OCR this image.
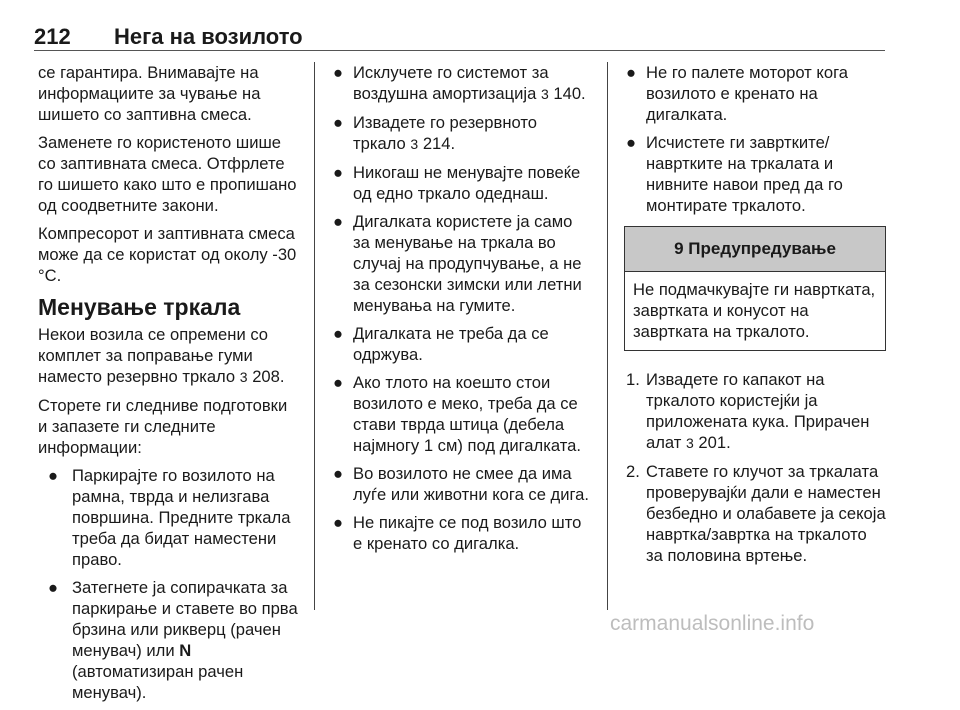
212 Нега на возилото

се гарантира. Внимавајте на информациите за чување на шишето со заптивна смеса.

Заменете го користеното шише со заптивната смеса. Отфрлете го шишето како што е пропишано од соодветните закони.

Компресорот и заптивната смеса може да се користат од околу -30 °C.

Менување тркала

Некои возила се опремени со комплет за поправање гуми наместо резервно тркало 3 208.

Сторете ги следниве подготовки и запазете ги следните информации:

● Паркирајте го возилото на рамна, тврда и нелизгава површина. Предните тркала треба да бидат наместени право.
● Затегнете ја сопирачката за паркирање и ставете во прва брзина или рикверц (рачен менувач) или N
(автоматизиран рачен менувач).
● Исклучете го системот за воздушна амортизација 3 140.
● Извадете го резервното тркало 3 214.
● Никогаш не менувајте повеќе од едно тркало одеднаш.
● Дигалката користете ја само за менување на тркала во случај на продупчување, а не за сезонски зимски или летни менувања на гумите.
● Дигалката не треба да се одржува.
● Ако тлото на коешто стои возилото е меко, треба да се стави тврда штица (дебела најмногу 1 см) под дигалката.
● Во возилото не смее да има луѓе или животни кога се дига.
● Не пикајте се под возило што е кренато со дигалка.
● Не го палете моторот кога возилото е кренато на дигалката.
● Исчистете ги завртките/ навртките на тркалата и нивните навои пред да го монтирате тркалото.
9 Предупредување
Не подмачкувајте ги навртката, завртката и конусот на завртката на тркалото.
1. Извадете го капакот на тркалото користејќи ја приложената кука. Прирачен алат 3 201.
2. Ставете го клучот за тркалата проверувајќи дали е наместен безбедно и олабавете ја секоја навртка/завртка на тркалото за половина вртење.
carmanualsonline.info
